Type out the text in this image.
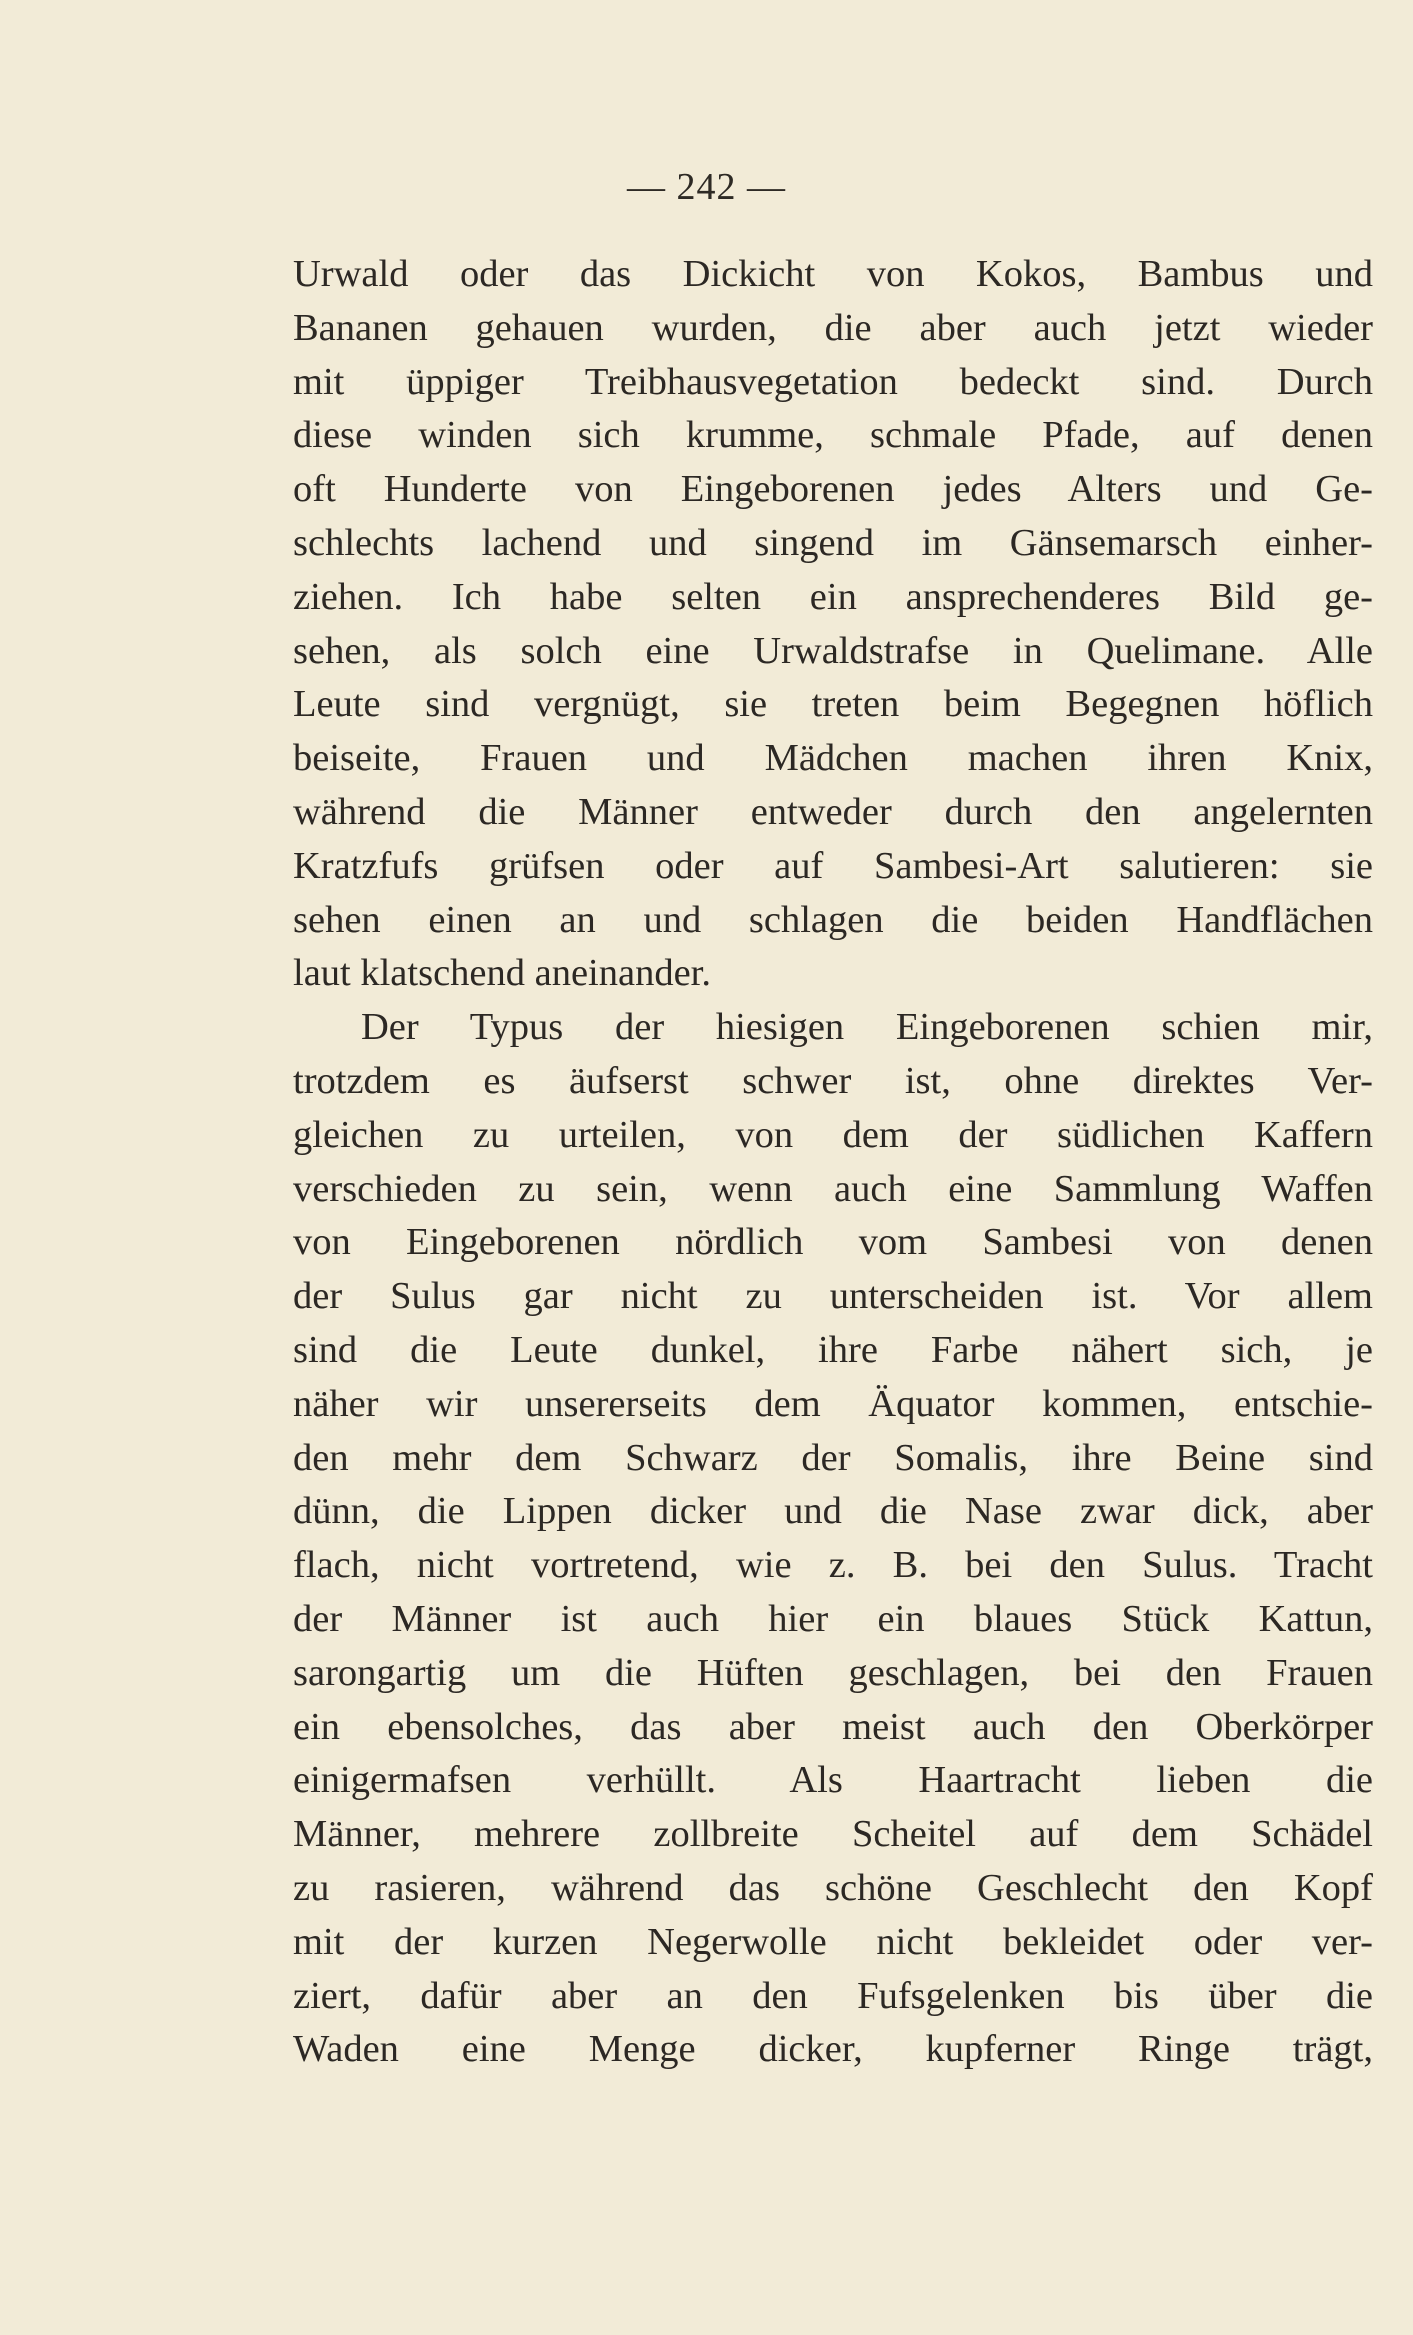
— 242 —
Urwald oder das Dickicht von Kokos, Bambus und
Bananen gehauen wurden, die aber auch jetzt wieder
mit üppiger Treibhausvegetation bedeckt sind. Durch
diese winden sich krumme, schmale Pfade, auf denen
oft Hunderte von Eingeborenen jedes Alters und Ge-
schlechts lachend und singend im Gänsemarsch einher-
ziehen. Ich habe selten ein ansprechenderes Bild ge-
sehen, als solch eine Urwaldstrafse in Quelimane. Alle
Leute sind vergnügt, sie treten beim Begegnen höflich
beiseite, Frauen und Mädchen machen ihren Knix,
während die Männer entweder durch den angelernten
Kratzfufs grüfsen oder auf Sambesi-Art salutieren: sie
sehen einen an und schlagen die beiden Handflächen
laut klatschend aneinander.
Der Typus der hiesigen Eingeborenen schien mir,
trotzdem es äufserst schwer ist, ohne direktes Ver-
gleichen zu urteilen, von dem der südlichen Kaffern
verschieden zu sein, wenn auch eine Sammlung Waffen
von Eingeborenen nördlich vom Sambesi von denen
der Sulus gar nicht zu unterscheiden ist. Vor allem
sind die Leute dunkel, ihre Farbe nähert sich, je
näher wir unsererseits dem Äquator kommen, entschie-
den mehr dem Schwarz der Somalis, ihre Beine sind
dünn, die Lippen dicker und die Nase zwar dick, aber
flach, nicht vortretend, wie z. B. bei den Sulus. Tracht
der Männer ist auch hier ein blaues Stück Kattun,
sarongartig um die Hüften geschlagen, bei den Frauen
ein ebensolches, das aber meist auch den Oberkörper
einigermafsen verhüllt. Als Haartracht lieben die
Männer, mehrere zollbreite Scheitel auf dem Schädel
zu rasieren, während das schöne Geschlecht den Kopf
mit der kurzen Negerwolle nicht bekleidet oder ver-
ziert, dafür aber an den Fufsgelenken bis über die
Waden eine Menge dicker, kupferner Ringe trägt,
